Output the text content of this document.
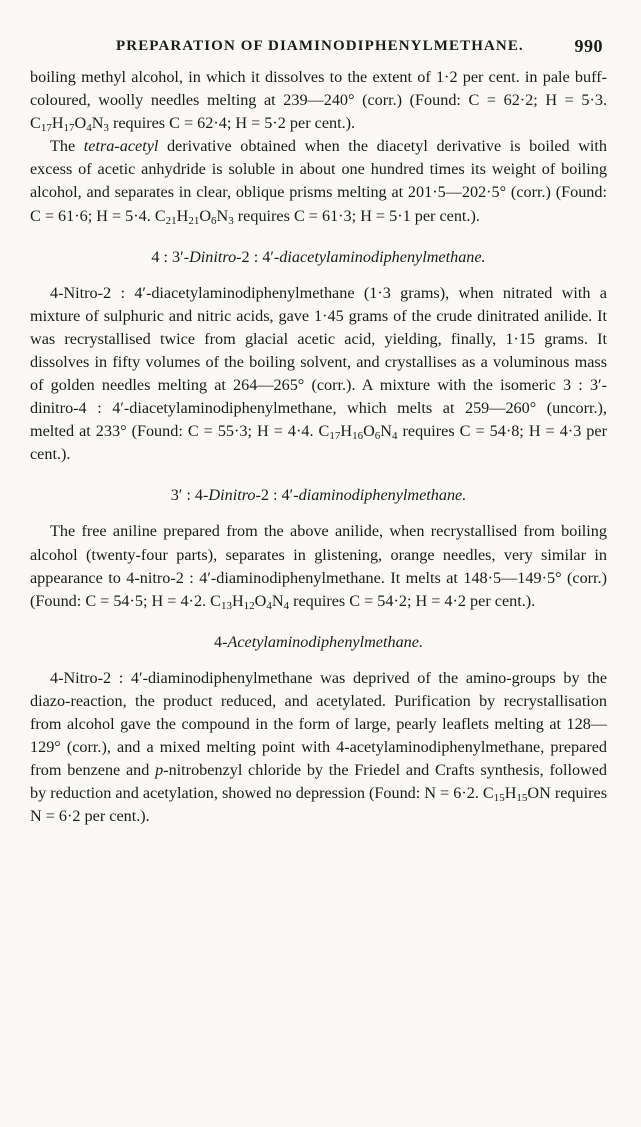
PREPARATION OF DIAMINODIPHENYLMETHANE.	990

boiling methyl alcohol, in which it dissolves to the extent of 1·2 per cent. in pale buff-coloured, woolly needles melting at 239—240° (corr.) (Found: C = 62·2; H = 5·3. $C_{17}H_{17}O_4N_3$ requires C = 62·4; H = 5·2 per cent.).

The tetra-acetyl derivative obtained when the diacetyl derivative is boiled with excess of acetic anhydride is soluble in about one hundred times its weight of boiling alcohol, and separates in clear, oblique prisms melting at 201·5—202·5° (corr.) (Found: C = 61·6; H = 5·4. $C_{21}H_{21}O_6N_3$ requires C = 61·3; H = 5·1 per cent.).

4 : 3′-Dinitro-2 : 4′-diacetylaminodiphenylmethane.

4-Nitro-2 : 4′-diacetylaminodiphenylmethane (1·3 grams), when nitrated with a mixture of sulphuric and nitric acids, gave 1·45 grams of the crude dinitrated anilide. It was recrystallised twice from glacial acetic acid, yielding, finally, 1·15 grams. It dissolves in fifty volumes of the boiling solvent, and crystallises as a voluminous mass of golden needles melting at 264—265° (corr.). A mixture with the isomeric 3 : 3′-dinitro-4 : 4′-diacetylaminodiphenylmethane, which melts at 259—260° (uncorr.), melted at 233° (Found: C = 55·3; H = 4·4. $C_{17}H_{16}O_6N_4$ requires C = 54·8; H = 4·3 per cent.).

3′ : 4-Dinitro-2 : 4′-diaminodiphenylmethane.

The free aniline prepared from the above anilide, when recrystallised from boiling alcohol (twenty-four parts), separates in glistening, orange needles, very similar in appearance to 4-nitro-2 : 4′-diaminodiphenylmethane. It melts at 148·5—149·5° (corr.) (Found: C = 54·5; H = 4·2. $C_{13}H_{12}O_4N_4$ requires C = 54·2; H = 4·2 per cent.).

4-Acetylaminodiphenylmethane.

4-Nitro-2 : 4′-diaminodiphenylmethane was deprived of the amino-groups by the diazo-reaction, the product reduced, and acetylated. Purification by recrystallisation from alcohol gave the compound in the form of large, pearly leaflets melting at 128—129° (corr.), and a mixed melting point with 4-acetylaminodiphenylmethane, prepared from benzene and p-nitrobenzyl chloride by the Friedel and Crafts synthesis, followed by reduction and acetylation, showed no depression (Found: N = 6·2. $C_{15}H_{15}ON$ requires N = 6·2 per cent.).
